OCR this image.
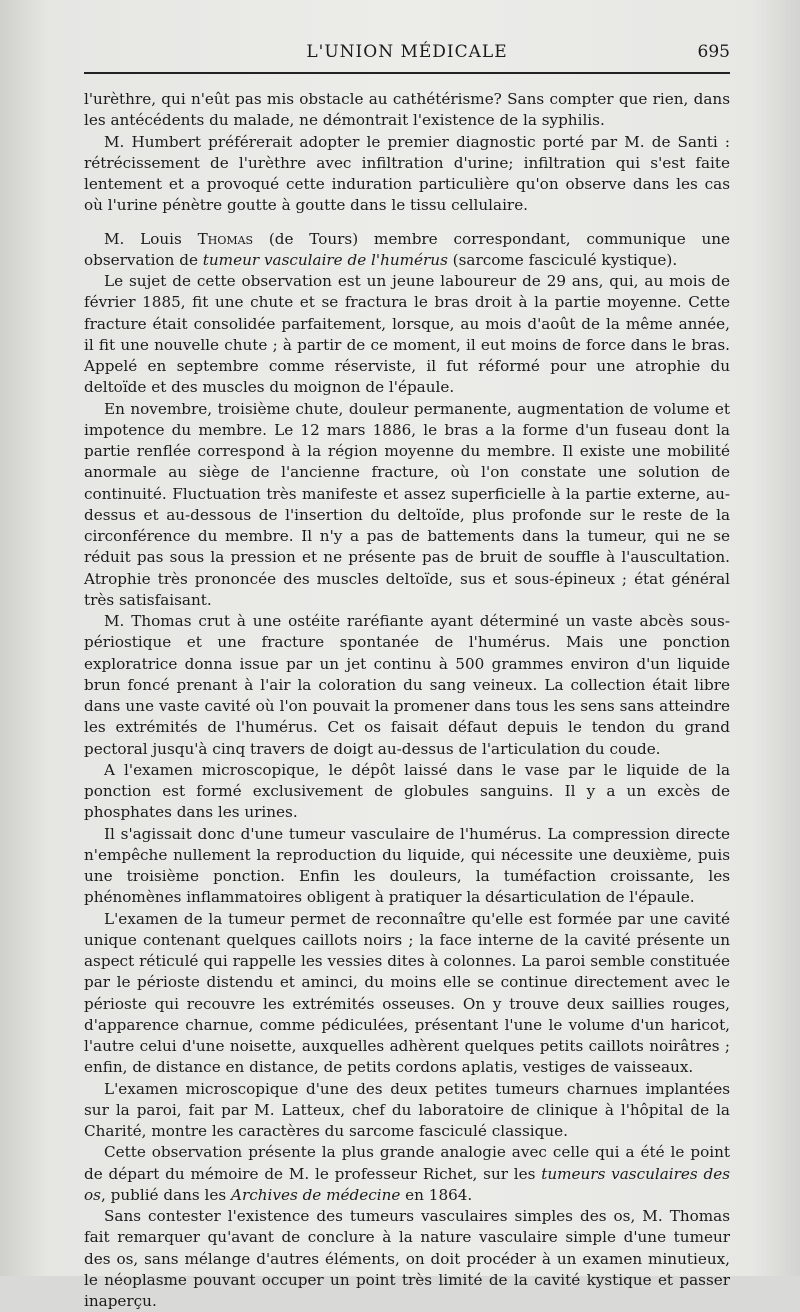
L'UNION MÉDICALE	695

l'urèthre, qui n'eût pas mis obstacle au cathétérisme? Sans compter que rien, dans les antécédents du malade, ne démontrait l'existence de la syphilis.

M. Humbert préférerait adopter le premier diagnostic porté par M. de Santi : rétrécissement de l'urèthre avec infiltration d'urine; infiltration qui s'est faite lentement et a provoqué cette induration particulière qu'on observe dans les cas où l'urine pénètre goutte à goutte dans le tissu cellulaire.

M. Louis Thomas (de Tours) membre correspondant, communique une observation de tumeur vasculaire de l'humérus (sarcome fasciculé kystique).

Le sujet de cette observation est un jeune laboureur de 29 ans, qui, au mois de février 1885, fit une chute et se fractura le bras droit à la partie moyenne. Cette fracture était consolidée parfaitement, lorsque, au mois d'août de la même année, il fit une nouvelle chute ; à partir de ce moment, il eut moins de force dans le bras. Appelé en septembre comme réserviste, il fut réformé pour une atrophie du deltoïde et des muscles du moignon de l'épaule.

En novembre, troisième chute, douleur permanente, augmentation de volume et impotence du membre. Le 12 mars 1886, le bras a la forme d'un fuseau dont la partie renflée correspond à la région moyenne du membre. Il existe une mobilité anormale au siège de l'ancienne fracture, où l'on constate une solution de continuité. Fluctuation très manifeste et assez superficielle à la partie externe, au-dessus et au-dessous de l'insertion du deltoïde, plus profonde sur le reste de la circonférence du membre. Il n'y a pas de battements dans la tumeur, qui ne se réduit pas sous la pression et ne présente pas de bruit de souffle à l'auscultation. Atrophie très prononcée des muscles deltoïde, sus et sous-épineux ; état général très satisfaisant.

M. Thomas crut à une ostéite raréfiante ayant déterminé un vaste abcès sous-périostique et une fracture spontanée de l'humérus. Mais une ponction exploratrice donna issue par un jet continu à 500 grammes environ d'un liquide brun foncé prenant à l'air la coloration du sang veineux. La collection était libre dans une vaste cavité où l'on pouvait la promener dans tous les sens sans atteindre les extrémités de l'humérus. Cet os faisait défaut depuis le tendon du grand pectoral jusqu'à cinq travers de doigt au-dessus de l'articulation du coude.

A l'examen microscopique, le dépôt laissé dans le vase par le liquide de la ponction est formé exclusivement de globules sanguins. Il y a un excès de phosphates dans les urines.

Il s'agissait donc d'une tumeur vasculaire de l'humérus. La compression directe n'empêche nullement la reproduction du liquide, qui nécessite une deuxième, puis une troisième ponction. Enfin les douleurs, la tuméfaction croissante, les phénomènes inflammatoires obligent à pratiquer la désarticulation de l'épaule.

L'examen de la tumeur permet de reconnaître qu'elle est formée par une cavité unique contenant quelques caillots noirs ; la face interne de la cavité présente un aspect réticulé qui rappelle les vessies dites à colonnes. La paroi semble constituée par le périoste distendu et aminci, du moins elle se continue directement avec le périoste qui recouvre les extrémités osseuses. On y trouve deux saillies rouges, d'apparence charnue, comme pédiculées, présentant l'une le volume d'un haricot, l'autre celui d'une noisette, auxquelles adhèrent quelques petits caillots noirâtres ; enfin, de distance en distance, de petits cordons aplatis, vestiges de vaisseaux.

L'examen microscopique d'une des deux petites tumeurs charnues implantées sur la paroi, fait par M. Latteux, chef du laboratoire de clinique à l'hôpital de la Charité, montre les caractères du sarcome fasciculé classique.

Cette observation présente la plus grande analogie avec celle qui a été le point de départ du mémoire de M. le professeur Richet, sur les tumeurs vasculaires des os, publié dans les Archives de médecine en 1864.

Sans contester l'existence des tumeurs vasculaires simples des os, M. Thomas fait remarquer qu'avant de conclure à la nature vasculaire simple d'une tumeur des os, sans mélange d'autres éléments, on doit procéder à un examen minutieux, le néoplasme pouvant occuper un point très limité de la cavité kystique et passer inaperçu.
